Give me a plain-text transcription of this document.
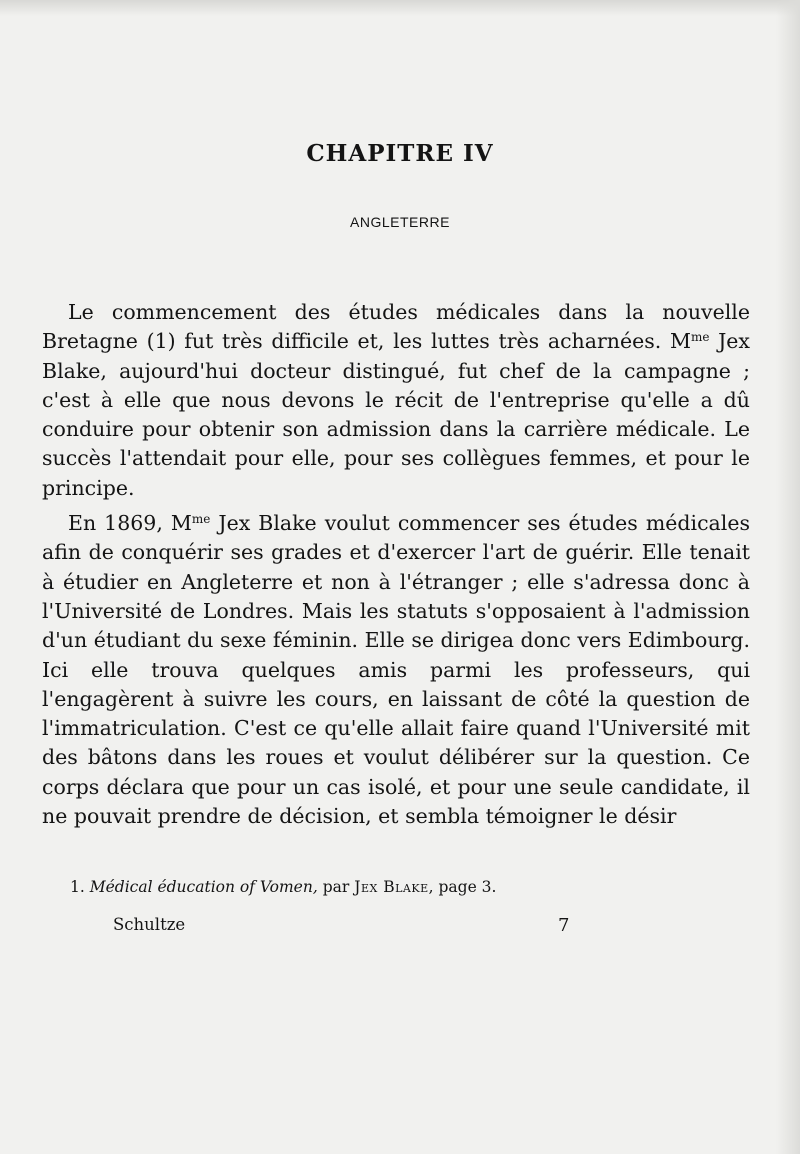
CHAPITRE IV
ANGLETERRE

Le commencement des études médicales dans la nouvelle Bretagne (1) fut très difficile et, les luttes très acharnées. $M^{me}$ Jex Blake, aujourd'hui docteur distingué, fut chef de la campagne ; c'est à elle que nous devons le récit de l'entreprise qu'elle a dû conduire pour obtenir son admission dans la carrière médicale. Le succès l'attendait pour elle, pour ses collègues femmes, et pour le principe.

En 1869, $M^{me}$ Jex Blake voulut commencer ses études médicales afin de conquérir ses grades et d'exercer l'art de guérir. Elle tenait à étudier en Angleterre et non à l'étranger ; elle s'adressa donc à l'Université de Londres. Mais les statuts s'opposaient à l'admission d'un étudiant du sexe féminin. Elle se dirigea donc vers Edimbourg. Ici elle trouva quelques amis parmi les professeurs, qui l'engagèrent à suivre les cours, en laissant de côté la question de l'immatriculation. C'est ce qu'elle allait faire quand l'Université mit des bâtons dans les roues et voulut délibérer sur la question. Ce corps déclara que pour un cas isolé, et pour une seule candidate, il ne pouvait prendre de décision, et sembla témoigner le désir

1. Médical éducation of Vomen, par Jex Blake, page 3.
Schultze	7
